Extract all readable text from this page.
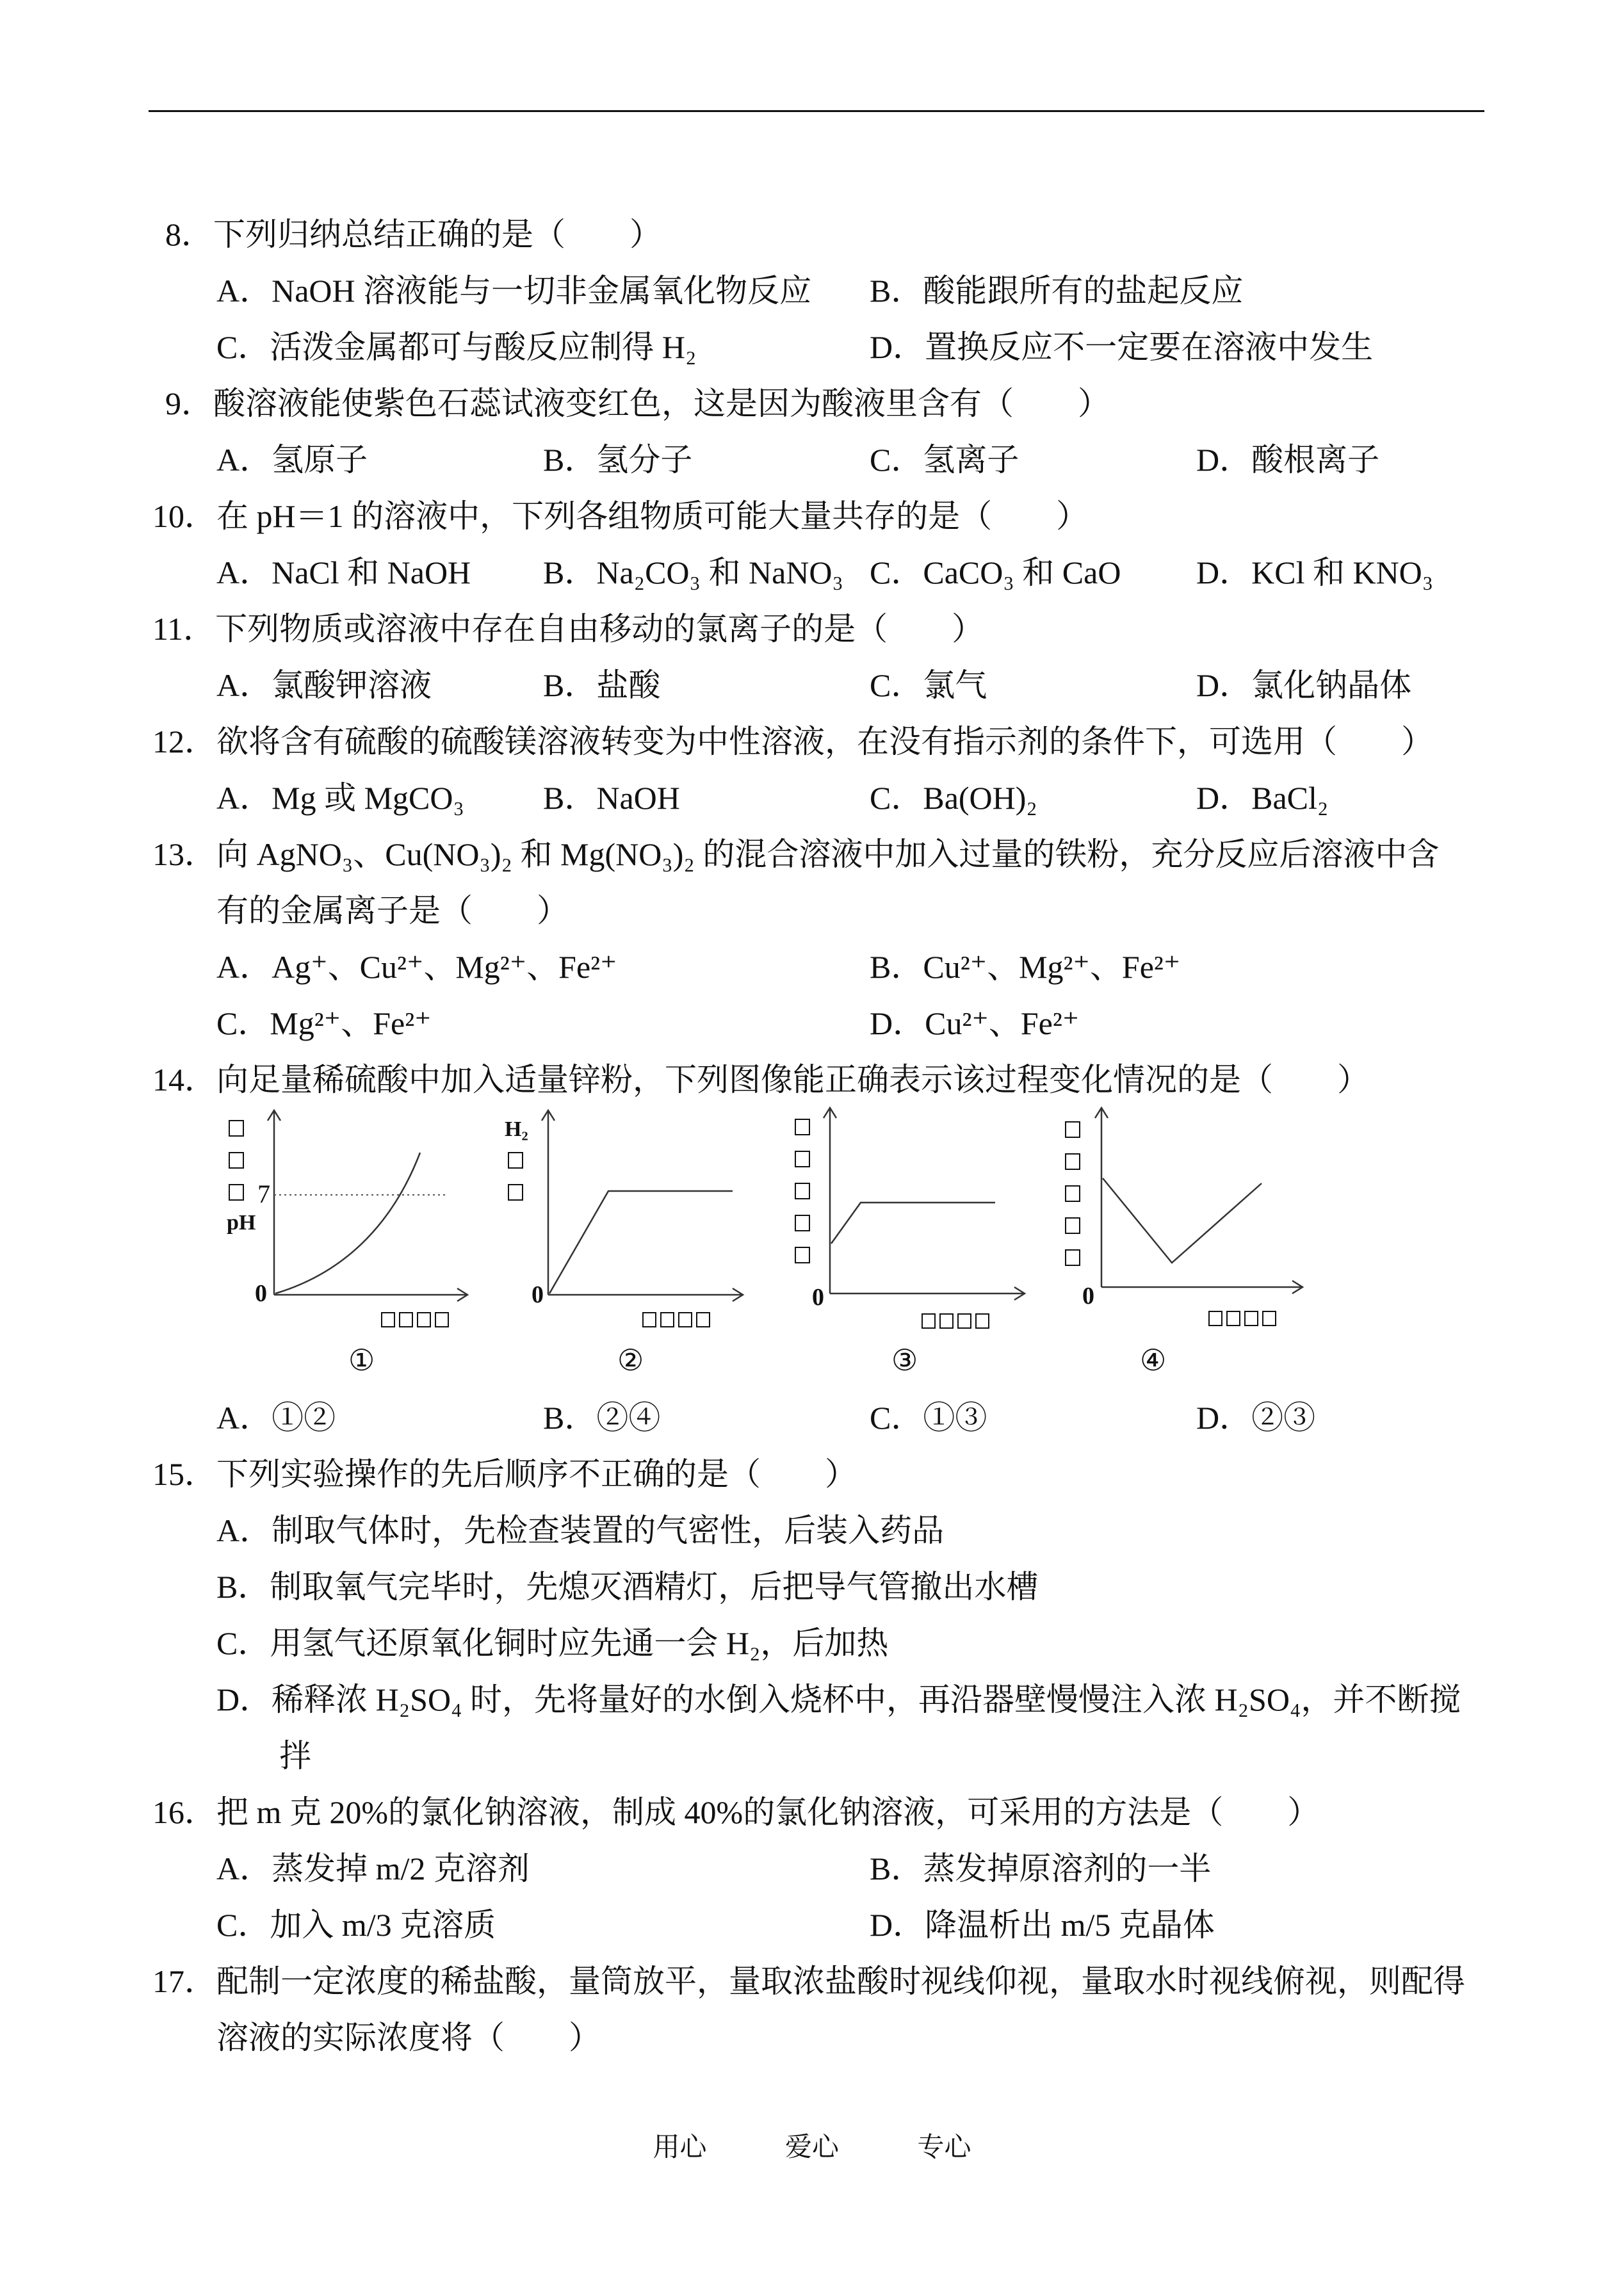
8．下列归纳总结正确的是（　　）
A．NaOH 溶液能与一切非金属氧化物反应 B．酸能跟所有的盐起反应
C．活泼金属都可与酸反应制得 H₂	D．置换反应不一定要在溶液中发生
9．酸溶液能使紫色石蕊试液变红色，这是因为酸液里含有（　　）
A．氢原子	B．氢分子	C．氢离子	D．酸根离子
10．在 pH＝1 的溶液中，下列各组物质可能大量共存的是（　　）
A．NaCl 和 NaOH B．Na₂CO₃ 和 NaNO₃ C．CaCO₃ 和 CaO D．KCl 和 KNO₃
11．下列物质或溶液中存在自由移动的氯离子的是（　　）
A．氯酸钾溶液	B．盐酸	C．氯气	D．氯化钠晶体
12．欲将含有硫酸的硫酸镁溶液转变为中性溶液，在没有指示剂的条件下，可选用（　　）
A．Mg 或 MgCO₃ B．NaOH	C．Ba(OH)₂	D．BaCl₂
13．向 AgNO₃、Cu(NO₃)₂ 和 Mg(NO₃)₂ 的混合溶液中加入过量的铁粉，充分反应后溶液中含
有的金属离子是（　　）
A．Ag⁺、Cu²⁺、Mg²⁺、Fe²⁺	B．Cu²⁺、Mg²⁺、Fe²⁺
C．Mg²⁺、Fe²⁺	D．Cu²⁺、Fe²⁺
14．向足量稀硫酸中加入适量锌粉，下列图像能正确表示该过程变化情况的是（　　）
7
pH
0
①
H₂
0
②
0
③
0
④
A．①②	B．②④	C．①③	D．②③
15．下列实验操作的先后顺序不正确的是（　　）
A．制取气体时，先检查装置的气密性，后装入药品
B．制取氧气完毕时，先熄灭酒精灯，后把导气管撤出水槽
C．用氢气还原氧化铜时应先通一会 H₂，后加热
D．稀释浓 H₂SO₄ 时，先将量好的水倒入烧杯中，再沿器壁慢慢注入浓 H₂SO₄，并不断搅
拌
16．把 m 克 20%的氯化钠溶液，制成 40%的氯化钠溶液，可采用的方法是（　　）
A．蒸发掉 m/2 克溶剂	B．蒸发掉原溶剂的一半
C．加入 m/3 克溶质	D．降温析出 m/5 克晶体
17．配制一定浓度的稀盐酸，量筒放平，量取浓盐酸时视线仰视，量取水时视线俯视，则配得
溶液的实际浓度将（　　）
用心	爱心	专心
